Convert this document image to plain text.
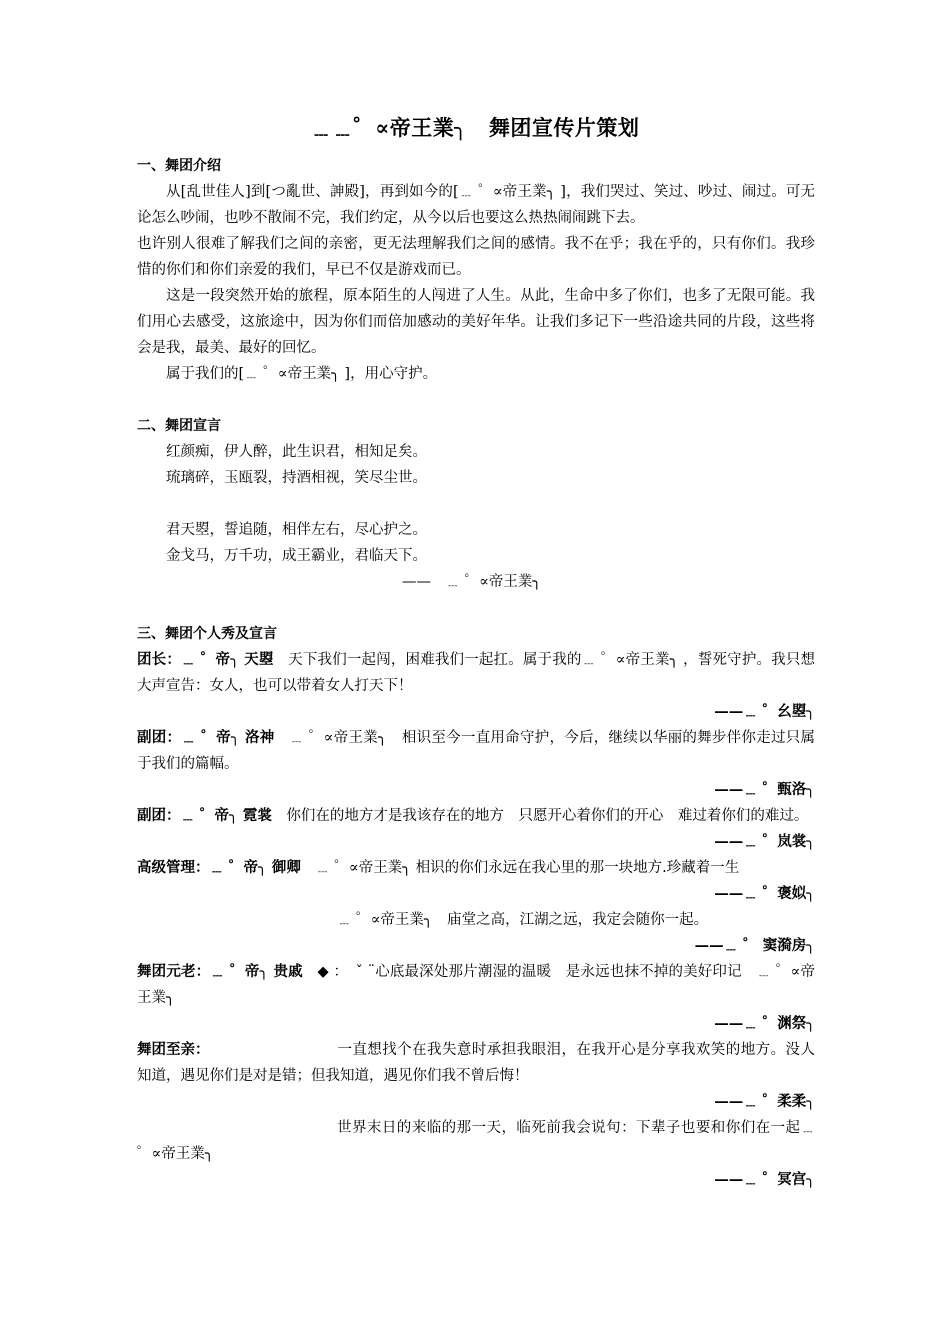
﹍﹍゜∝帝王業╮　舞团宣传片策划
一、舞团介绍
从[乱世佳人]到[つ亂世、訷殿]，再到如今的[﹍ ゜∝帝王業╮ ]，我们哭过、笑过、吵过、闹过。可无论怎么吵闹，也吵不散闹不完，我们约定，从今以后也要这么热热闹闹跳下去。
也许别人很难了解我们之间的亲密，更无法理解我们之间的感情。我不在乎；我在乎的，只有你们。我珍惜的你们和你们亲爱的我们，早已不仅是游戏而已。
这是一段突然开始的旅程，原本陌生的人闯进了人生。从此，生命中多了你们，也多了无限可能。我们用心去感受，这旅途中，因为你们而倍加感动的美好年华。让我们多记下一些沿途共同的片段，这些将会是我，最美、最好的回忆。
属于我们的[﹍ ゜∝帝王業╮ ]，用心守护。
二、舞团宣言
红颜痴，伊人醉，此生识君，相知足矣。
琉璃碎，玉瓯裂，持酒相视，笑尽尘世。
君天曌，誓追随，相伴左右，尽心护之。
金戈马，万千功，成王霸业，君临天下。
——　﹍ ゜∝帝王業╮
三、舞团个人秀及宣言
团长：﹍ ゜帝╮ 天曌　天下我们一起闯，困难我们一起扛。属于我的﹍ ゜∝帝王業╮ ，誓死守护。我只想大声宣告：女人，也可以带着女人打天下！
——﹍ ゜幺曌╮
副团：﹍ ゜帝╮ 洛神　﹍ ゜∝帝王業╮　相识至今一直用命守护，今后，继续以华丽的舞步伴你走过只属于我们的篇幅。
——﹍ ゜甄洛╮
副团：﹍ ゜帝╮ 霓裳　你们在的地方才是我该存在的地方　只愿开心着你们的开心　难过着你们的难过。
——﹍ ゜岚裳╮
高级管理：﹍ ゜帝╮ 御卿　﹍ ゜∝帝王業╮ 相识的你们永远在我心里的那一块地方.珍藏着一生
——﹍ ゜褒姒╮
﹍ ゜∝帝王業╮　庙堂之高，江湖之远，我定会随你一起。
——﹍ ゜ 窦漪房╮
舞团元老：﹍ ゜帝╮ 贵戚　◆ ：　ˇ ¨心底最深处那片潮湿的温暖　是永远也抹不掉的美好印记　﹍ ゜∝帝王業╮
——﹍ ゜渊祭╮
舞团至亲：	一直想找个在我失意时承担我眼泪，在我开心是分享我欢笑的地方。没人知道，遇见你们是对是错；但我知道，遇见你们我不曾后悔！
——﹍ ゜柔柔╮
世界末日的来临的那一天，临死前我会说句：下辈子也要和你们在一起﹍ ゜∝帝王業╮
——﹍ ゜冥宫╮
